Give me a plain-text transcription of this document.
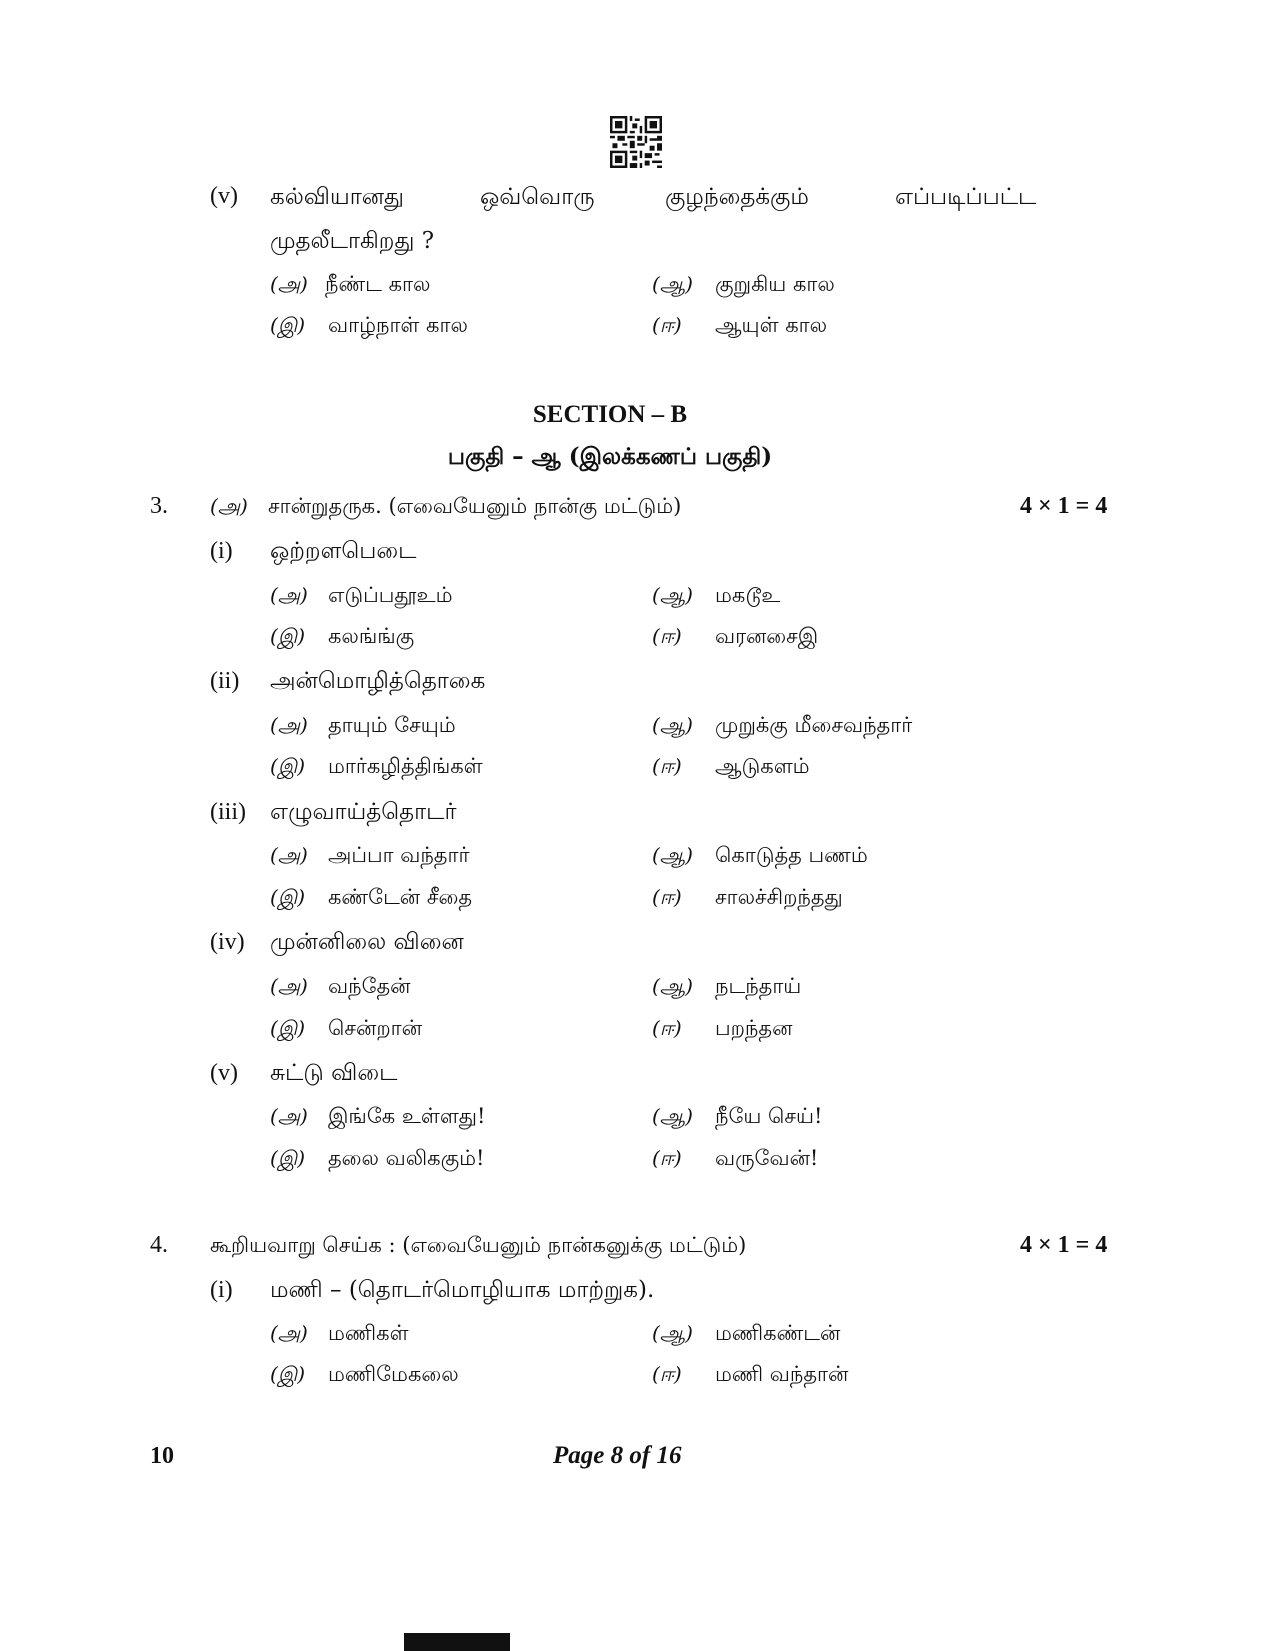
(v) கல்வியானது	ஒவ்வொரு	குழந்தைக்கும்	எப்படிப்பட்ட
முதலீடாகிறது ?
(அ) நீண்ட கால	(ஆ) குறுகிய கால
(இ) வாழ்நாள் கால	(ஈ) ஆயுள் கால
SECTION – B
பகுதி – ஆ (இலக்கணப் பகுதி)
3. (அ) சான்றுதருக. (எவையேனும் நான்கு மட்டும்)	4 × 1 = 4
(i) ஒற்றளபெடை
(அ) எடுப்பதூஉம்	(ஆ) மகடூஉ
(இ) கலங்ங்கு	(ஈ) வரனசைஇ
(ii) அன்மொழித்தொகை
(அ) தாயும் சேயும்	(ஆ) முறுக்கு மீசைவந்தார்
(இ) மார்கழித்திங்கள்	(ஈ) ஆடுகளம்
(iii) எழுவாய்த்தொடர்
(அ) அப்பா வந்தார்	(ஆ) கொடுத்த பணம்
(இ) கண்டேன் சீதை	(ஈ) சாலச்சிறந்தது
(iv) முன்னிலை வினை
(அ) வந்தேன்	(ஆ) நடந்தாய்
(இ) சென்றான்	(ஈ) பறந்தன
(v) சுட்டு விடை
(அ) இங்கே உள்ளது!	(ஆ) நீயே செய்!
(இ) தலை வலிககும்!	(ஈ) வருவேன்!
4. கூறியவாறு செய்க : (எவையேனும் நான்கனுக்கு மட்டும்)	4 × 1 = 4
(i) மணி – (தொடர்மொழியாக மாற்றுக).
(அ) மணிகள்	(ஆ) மணிகண்டன்
(இ) மணிமேகலை	(ஈ) மணி வந்தான்
10	Page 8 of 16
